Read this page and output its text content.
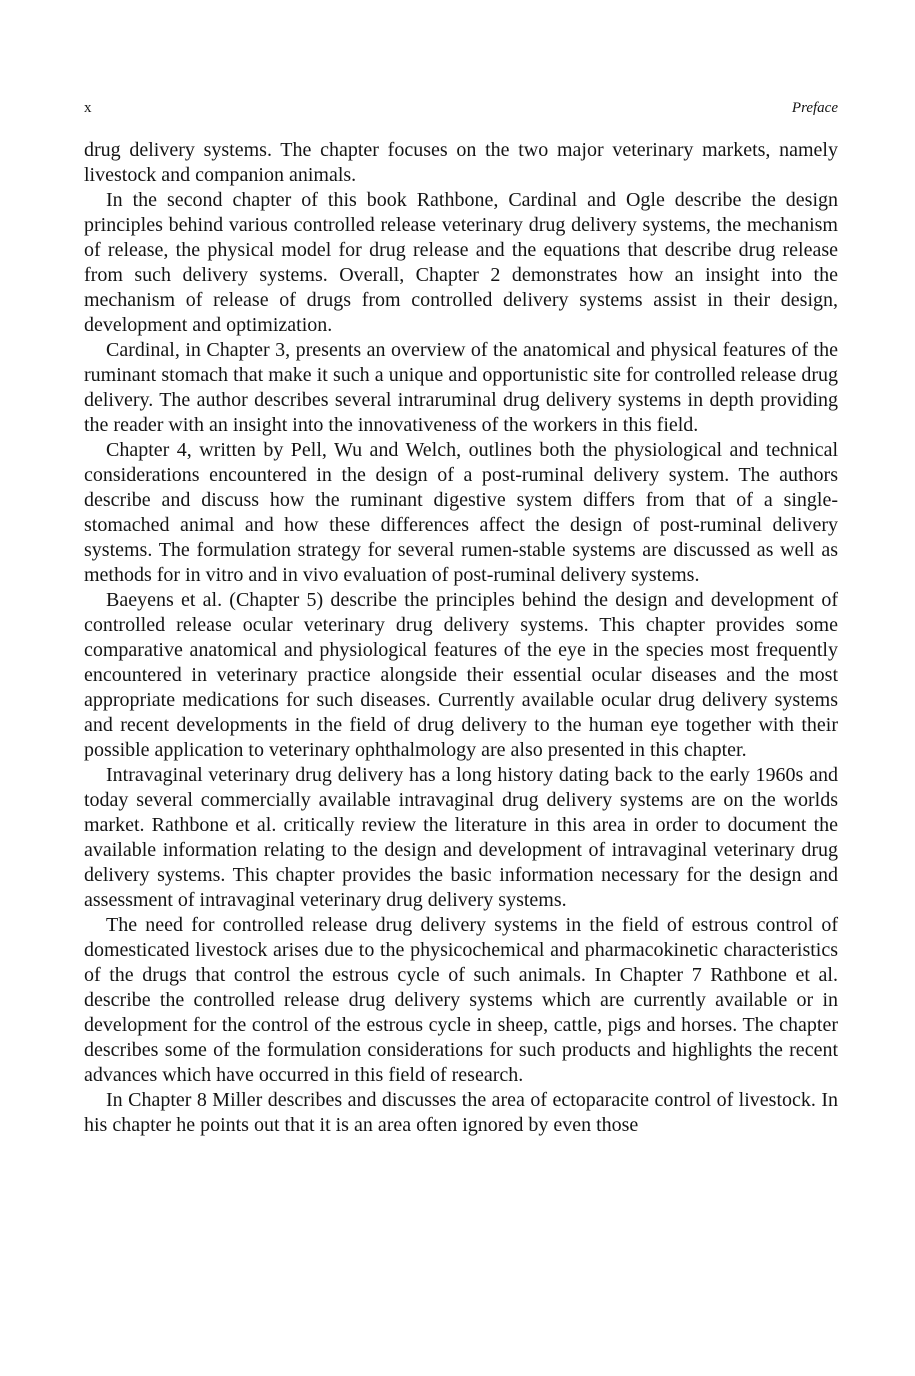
x	Preface

drug delivery systems. The chapter focuses on the two major veterinary markets, namely livestock and companion animals.

In the second chapter of this book Rathbone, Cardinal and Ogle describe the design principles behind various controlled release veterinary drug delivery systems, the mechanism of release, the physical model for drug release and the equations that describe drug release from such delivery systems. Overall, Chapter 2 demonstrates how an insight into the mechanism of release of drugs from controlled delivery systems assist in their design, development and optimization.

Cardinal, in Chapter 3, presents an overview of the anatomical and physical features of the ruminant stomach that make it such a unique and opportunistic site for controlled release drug delivery. The author describes several intraruminal drug delivery systems in depth providing the reader with an insight into the innovativeness of the workers in this field.

Chapter 4, written by Pell, Wu and Welch, outlines both the physiological and technical considerations encountered in the design of a post-ruminal delivery system. The authors describe and discuss how the ruminant digestive system differs from that of a single-stomached animal and how these differences affect the design of post-ruminal delivery systems. The formulation strategy for several rumen-stable systems are discussed as well as methods for in vitro and in vivo evaluation of post-ruminal delivery systems.

Baeyens et al. (Chapter 5) describe the principles behind the design and development of controlled release ocular veterinary drug delivery systems. This chapter provides some comparative anatomical and physiological features of the eye in the species most frequently encountered in veterinary practice alongside their essential ocular diseases and the most appropriate medications for such diseases. Currently available ocular drug delivery systems and recent developments in the field of drug delivery to the human eye together with their possible application to veterinary ophthalmology are also presented in this chapter.

Intravaginal veterinary drug delivery has a long history dating back to the early 1960s and today several commercially available intravaginal drug delivery systems are on the worlds market. Rathbone et al. critically review the literature in this area in order to document the available information relating to the design and development of intravaginal veterinary drug delivery systems. This chapter provides the basic information necessary for the design and assessment of intravaginal veterinary drug delivery systems.

The need for controlled release drug delivery systems in the field of estrous control of domesticated livestock arises due to the physicochemical and pharmacokinetic characteristics of the drugs that control the estrous cycle of such animals. In Chapter 7 Rathbone et al. describe the controlled release drug delivery systems which are currently available or in development for the control of the estrous cycle in sheep, cattle, pigs and horses. The chapter describes some of the formulation considerations for such products and highlights the recent advances which have occurred in this field of research.

In Chapter 8 Miller describes and discusses the area of ectoparacite control of livestock. In his chapter he points out that it is an area often ignored by even those
